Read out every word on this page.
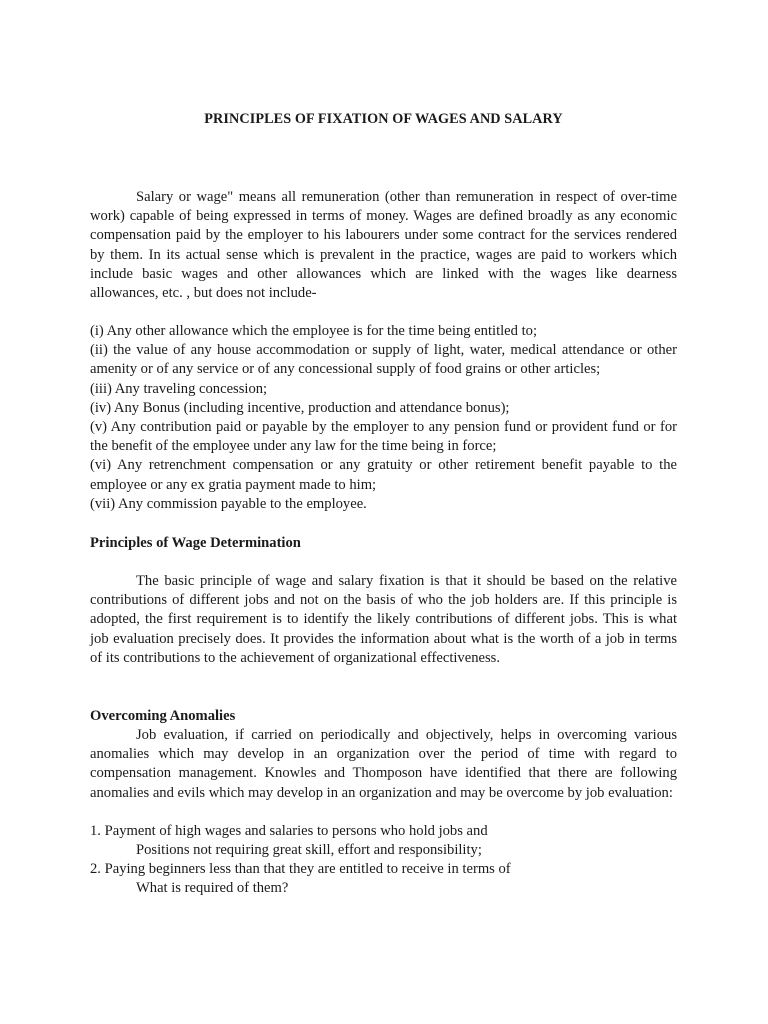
PRINCIPLES OF FIXATION OF WAGES AND SALARY

Salary or wage" means all remuneration (other than remuneration in respect of over-time work) capable of being expressed in terms of money. Wages are defined broadly as any economic compensation paid by the employer to his labourers under some contract for the services rendered by them. In its actual sense which is prevalent in the practice, wages are paid to workers which include basic wages and other allowances which are linked with the wages like dearness allowances, etc. , but does not include-

(i) Any other allowance which the employee is for the time being entitled to;
(ii) the value of any house accommodation or supply of light, water, medical attendance or other amenity or of any service or of any concessional supply of food grains or other articles;
(iii) Any traveling concession;
(iv) Any Bonus (including incentive, production and attendance bonus);
(v) Any contribution paid or payable by the employer to any pension fund or provident fund or for the benefit of the employee under any law for the time being in force;
(vi) Any retrenchment compensation or any gratuity or other retirement benefit payable to the employee or any ex gratia payment made to him;
(vii) Any commission payable to the employee.

Principles of Wage Determination

The basic principle of wage and salary fixation is that it should be based on the relative contributions of different jobs and not on the basis of who the job holders are. If this principle is adopted, the first requirement is to identify the likely contributions of different jobs. This is what job evaluation precisely does. It provides the information about what is the worth of a job in terms of its contributions to the achievement of organizational effectiveness.

Overcoming Anomalies

Job evaluation, if carried on periodically and objectively, helps in overcoming various anomalies which may develop in an organization over the period of time with regard to compensation management. Knowles and Thomposon have identified that there are following anomalies and evils which may develop in an organization and may be overcome by job evaluation:

1. Payment of high wages and salaries to persons who hold jobs and

Positions not requiring great skill, effort and responsibility;

2. Paying beginners less than that they are entitled to receive in terms of

What is required of them?
